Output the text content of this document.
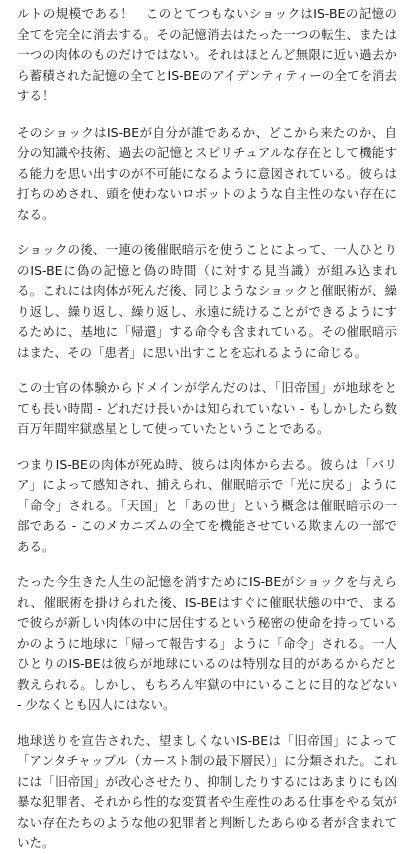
ルトの規模である！　このとてつもないショックはIS-BEの記憶の全てを完全に消去する。その記憶消去はたった一つの転生、または一つの肉体のものだけではない。それはほとんど無限に近い過去から蓄積された記憶の全てとIS-BEのアイデンティティーの全てを消去する！

そのショックはIS-BEが自分が誰であるか、どこから来たのか、自分の知識や技術、過去の記憶とスピリチュアルな存在として機能する能力を思い出すのが不可能になるように意図されている。彼らは打ちのめされ、頭を使わないロボットのような自主性のない存在になる。

ショックの後、一連の後催眠暗示を使うことによって、一人ひとりのIS-BEに偽の記憶と偽の時間（に対する見当識）が組み込まれる。これには肉体が死んだ後、同じようなショックと催眠術が、繰り返し、繰り返し、繰り返し、永遠に続けることができるようにするために、基地に「帰還」する命令も含まれている。その催眠暗示はまた、その「患者」に思い出すことを忘れるように命じる。

この士官の体験からドメインが学んだのは、「旧帝国」が地球をとても長い時間 - どれだけ長いかは知られていない - もしかしたら数百万年間牢獄惑星として使っていたということである。

つまりIS-BEの肉体が死ぬ時、彼らは肉体から去る。彼らは「バリア」によって感知され、捕えられ、催眠暗示で「光に戻る」ように「命令」される。「天国」と「あの世」という概念は催眠暗示の一部である - このメカニズムの全てを機能させている欺まんの一部である。

たった今生きた人生の記憶を消すためにIS-BEがショックを与えられ、催眠術を掛けられた後、IS-BEはすぐに催眠状態の中で、まるで彼らが新しい肉体の中に居住するという秘密の使命を持っているかのように地球に「帰って報告する」ように「命令」される。一人ひとりのIS-BEは彼らが地球にいるのは特別な目的があるからだと教えられる。しかし、もちろん牢獄の中にいることに目的などない - 少なくとも囚人にはない。

地球送りを宣告された、望ましくないIS-BEは「旧帝国」によって「アンタチャップル（カースト制の最下層民）」に分類された。これには「旧帝国」が改心させたり、抑制したりするにはあまりにも凶暴な犯罪者、それから性的な変質者や生産性のある仕事をやる気がない存在たちのような他の犯罪者と判断したあらゆる者が含まれていた。
